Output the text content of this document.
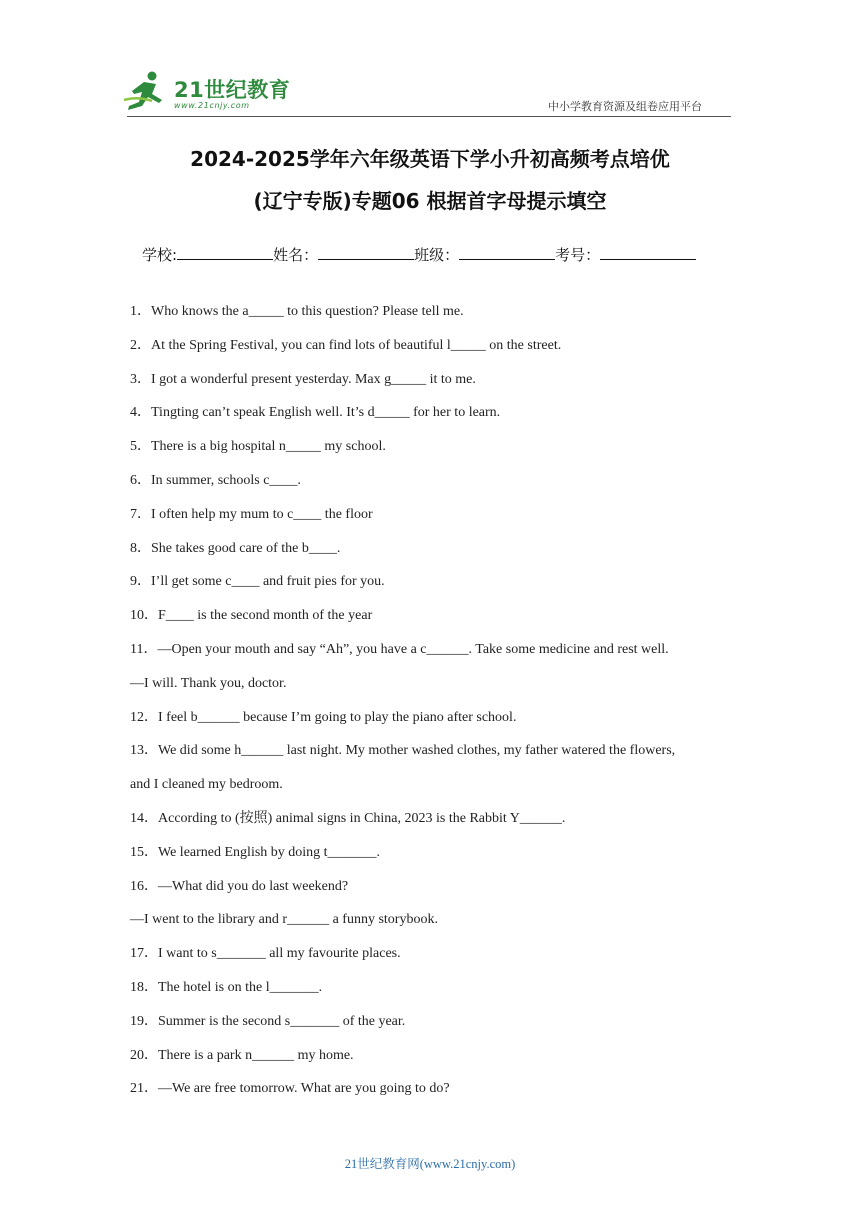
21世纪教育
www.21cnjy.com	中小学教育资源及组卷应用平台
2024-2025学年六年级英语下学小升初高频考点培优
(辽宁专版)专题06 根据首字母提示填空
学校:	姓名：	班级：	考号：
1．Who knows the a_____ to this question? Please tell me.
2．At the Spring Festival, you can find lots of beautiful l_____ on the street.
3．I got a wonderful present yesterday. Max g_____ it to me.
4．Tingting can’t speak English well. It’s d_____ for her to learn.
5．There is a big hospital n_____ my school.
6．In summer, schools c____.
7．I often help my mum to c____ the floor
8．She takes good care of the b____.
9．I’ll get some c____ and fruit pies for you.
10．F____ is the second month of the year
11．—Open your mouth and say “Ah”, you have a c______. Take some medicine and rest well.
—I will. Thank you, doctor.
12．I feel b______ because I’m going to play the piano after school.
13．We did some h______ last night. My mother washed clothes, my father watered the flowers,
and I cleaned my bedroom.
14．According to (按照) animal signs in China, 2023 is the Rabbit Y______.
15．We learned English by doing t_______.
16．—What did you do last weekend?
—I went to the library and r______ a funny storybook.
17．I want to s_______ all my favourite places.
18．The hotel is on the l_______.
19．Summer is the second s_______ of the year.
20．There is a park n______ my home.
21．—We are free tomorrow. What are you going to do?
21世纪教育网(www.21cnjy.com)
